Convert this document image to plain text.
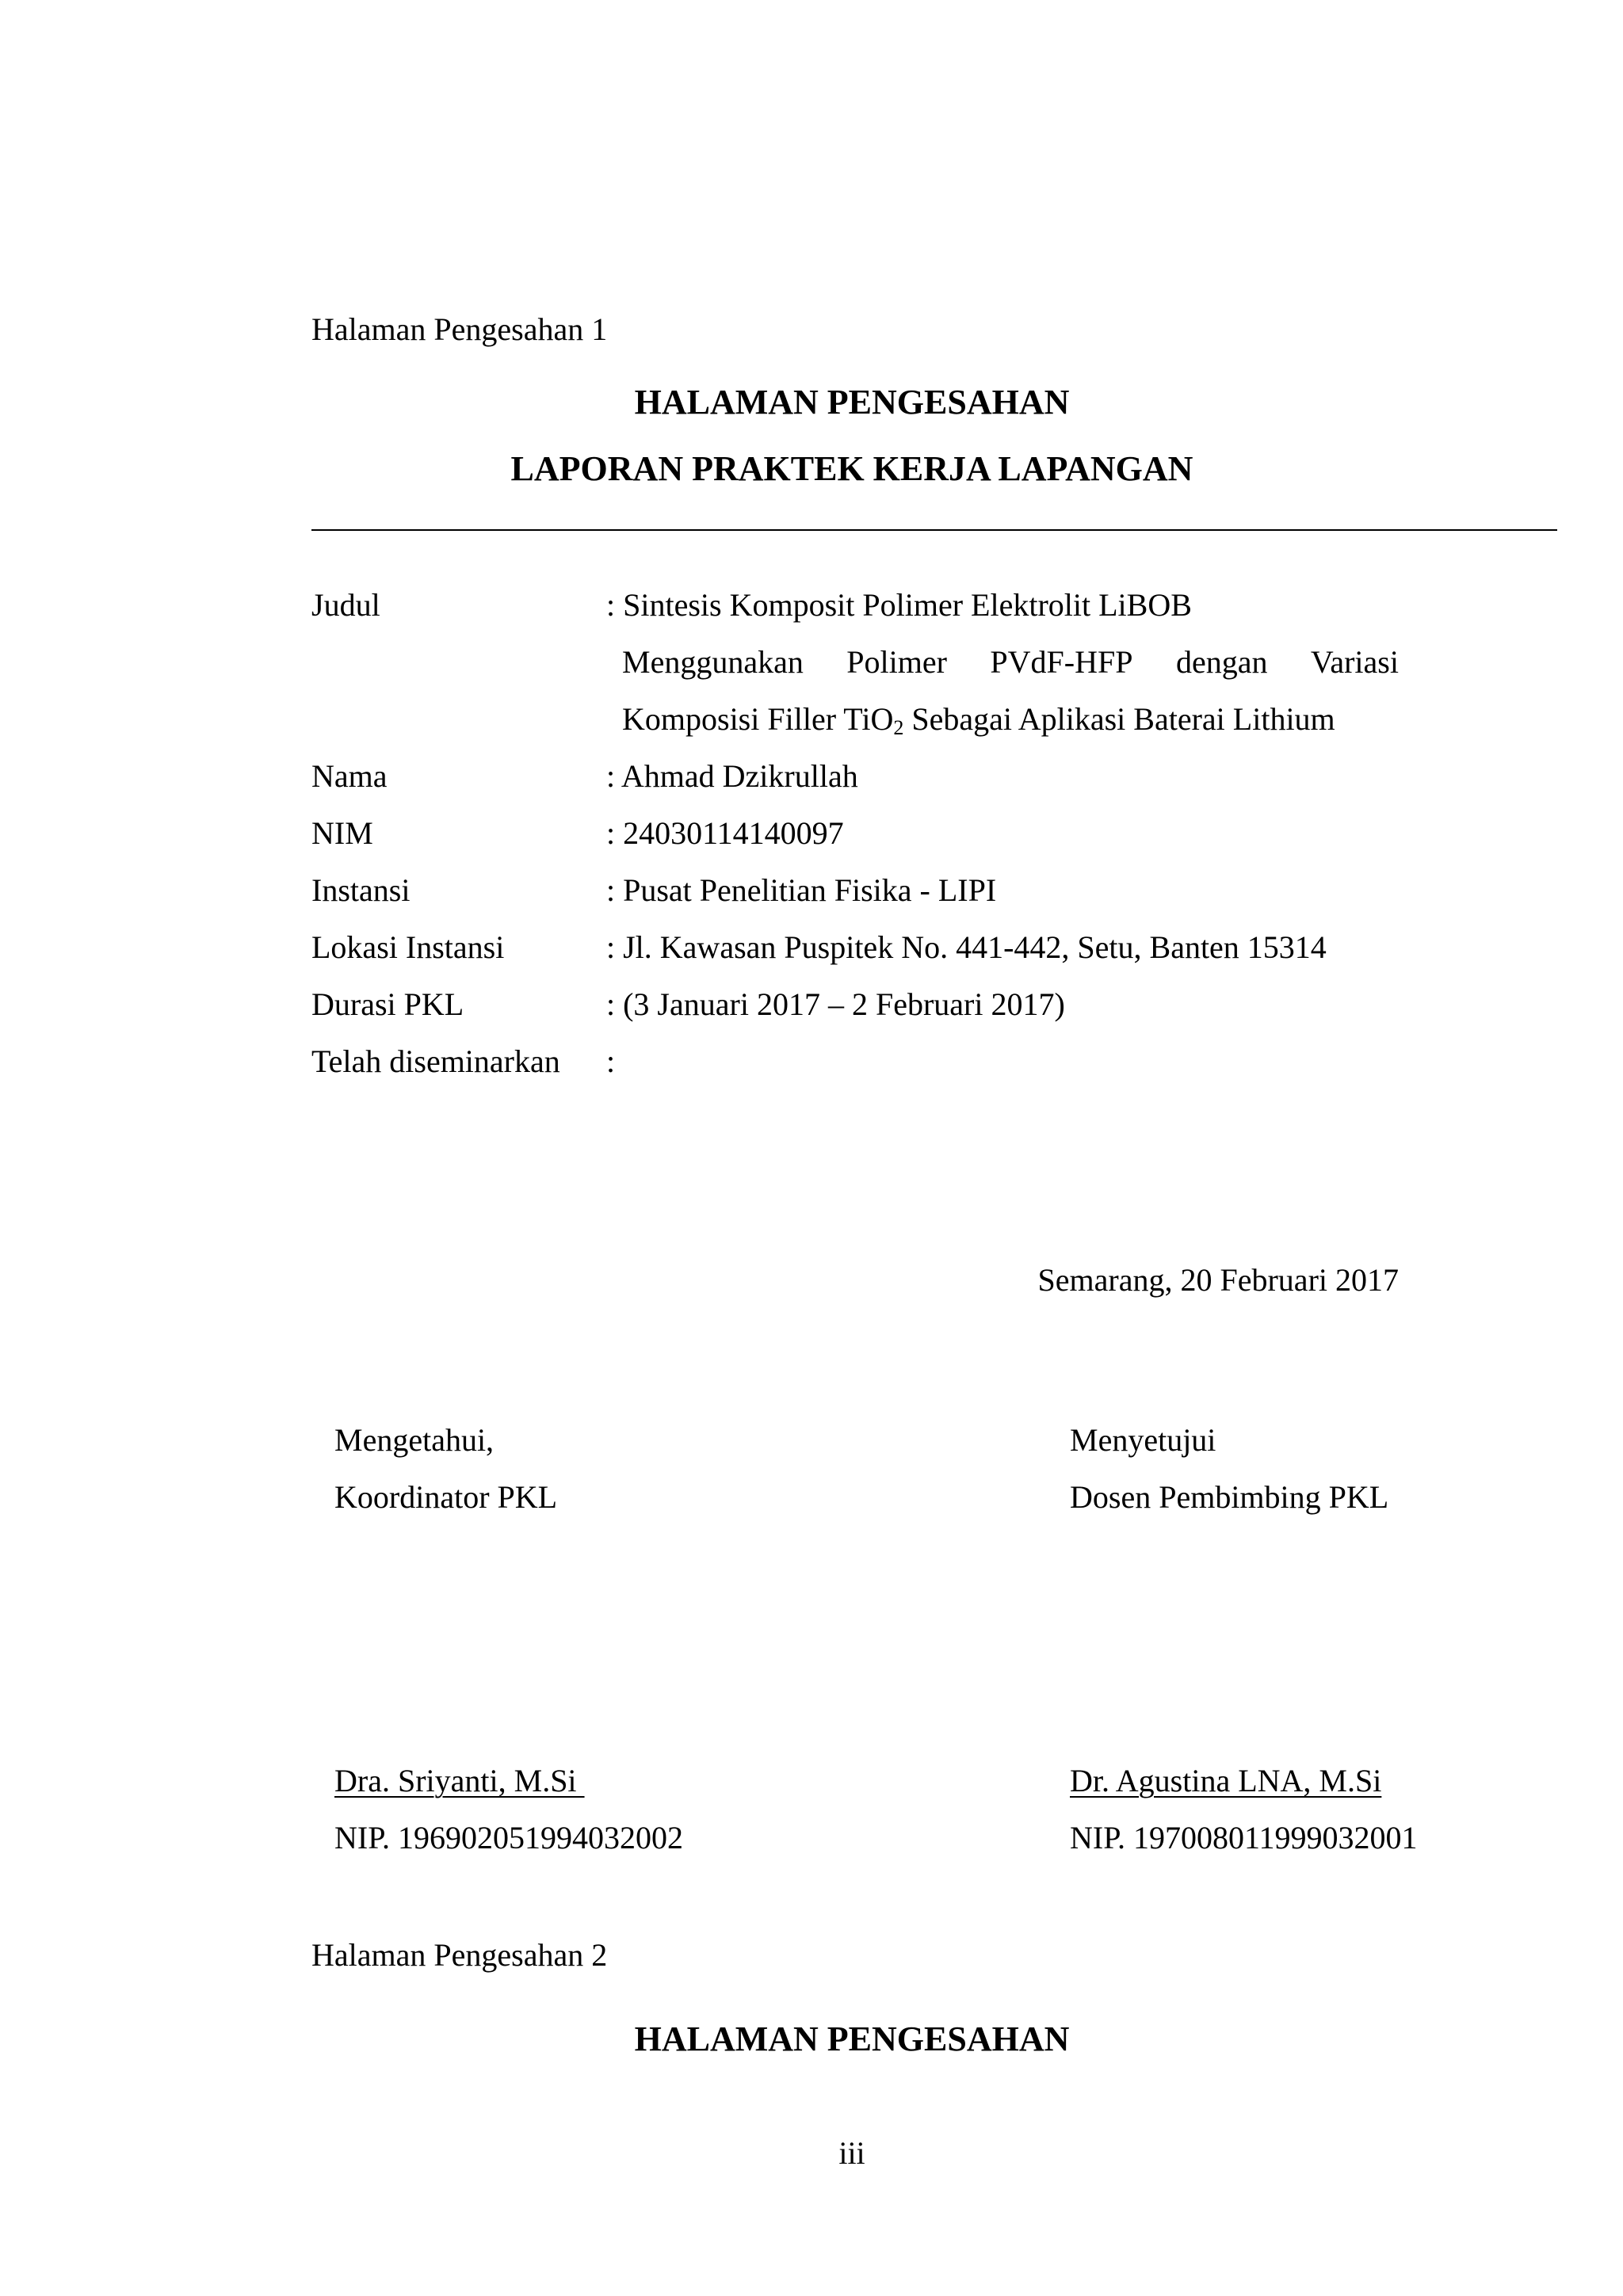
Halaman Pengesahan 1
HALAMAN PENGESAHAN
LAPORAN PRAKTEK KERJA LAPANGAN
Judul	: Sintesis Komposit Polimer Elektrolit LiBOB
Menggunakan Polimer PVdF-HFP dengan Variasi
Komposisi Filler TiO$_2$ Sebagai Aplikasi Baterai Lithium
Nama	: Ahmad Dzikrullah
NIM	: 24030114140097
Instansi	: Pusat Penelitian Fisika - LIPI
Lokasi Instansi	: Jl. Kawasan Puspitek No. 441-442, Setu, Banten 15314
Durasi PKL	: (3 Januari 2017 – 2 Februari 2017)
Telah diseminarkan :
Semarang, 20 Februari 2017
Mengetahui,
Koordinator PKL
Menyetujui
Dosen Pembimbing PKL
Dra. Sriyanti, M.Si
NIP. 196902051994032002
Dr. Agustina LNA, M.Si
NIP. 197008011999032001
Halaman Pengesahan 2
HALAMAN PENGESAHAN
iii
